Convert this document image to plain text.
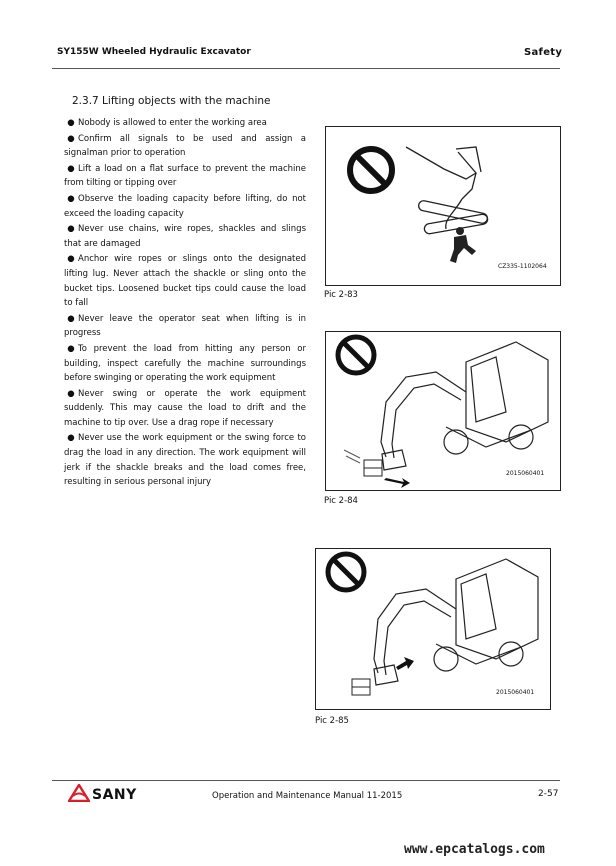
SY155W Wheeled Hydraulic Excavator	Safety
2.3.7 Lifting objects with the machine
● Nobody is allowed to enter the working area
● Confirm all signals to be used and assign a signalman prior to operation
● Lift a load on a flat surface to prevent the machine from tilting or tipping over
● Observe the loading capacity before lifting, do not exceed the loading capacity
● Never use chains, wire ropes, shackles and slings that are damaged
● Anchor wire ropes or slings onto the designated lifting lug. Never attach the shackle or sling onto the bucket tips. Loosened bucket tips could cause the load to fall
● Never leave the operator seat when lifting is in progress
● To prevent the load from hitting any person or building, inspect carefully the machine surroundings before swinging or operating the work equipment
● Never swing or operate the work equipment suddenly. This may cause the load to drift and the machine to tip over. Use a drag rope if necessary
● Never use the work equipment or the swing force to drag the load in any direction. The work equipment will jerk if the shackle breaks and the load comes free, resulting in serious personal injury
CZ335-1102064
Pic 2-83
2015060401
Pic 2-84
2015060401
Pic 2-85
SANY	Operation and Maintenance Manual 11-2015	2-57
www.epcatalogs.com
